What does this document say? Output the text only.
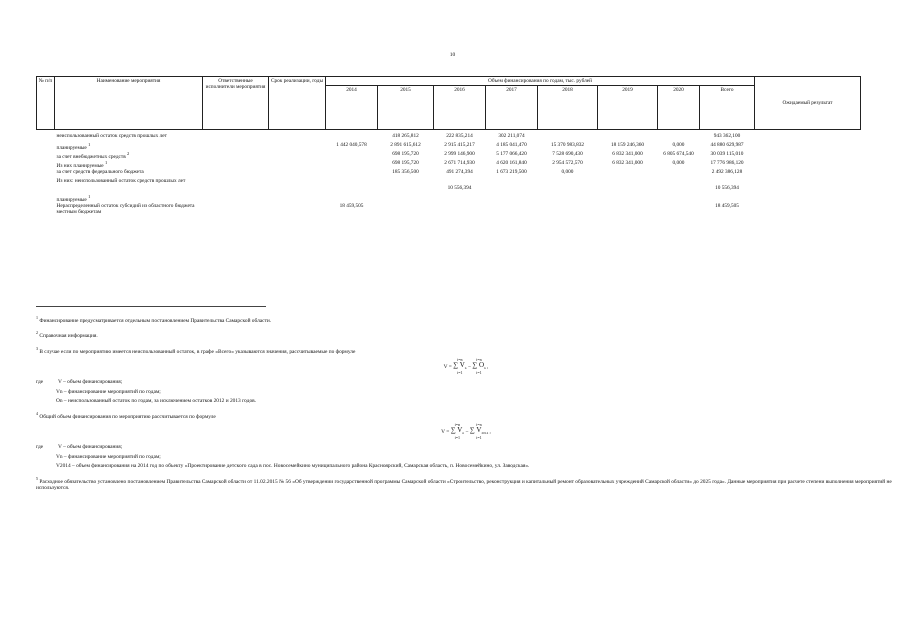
10
№ п/п	Наименование мероприятия	Ответственные исполнители мероприятия	Срок реализации, годы	Объем финансирования по годам, тыс. рублей								Ожидаемый результат
				2014	2015	2016	2017	2018	2019	2020	Всего	
	неиспользованный остаток средств прошлых лет				418 265,812	222 835,214	302 211,074				943 362,100	
	планируемые $^1$			1 442 040,578	2 891 615,612	2 915 415,217	4 185 041,470	15 370 983,832	18 159 246,360	0,000	44 880 629,987	
	за счет внебюджетных средств $^2$				698 195,720	2 999 146,900	5 177 066,420	7 528 690,430	6 832 341,000	6 805 674,540	30 039 115,010	
	Из них планируемые $^1$				698 195,720	2 671 714,930	4 620 161,840	2 954 572,570	6 832 341,000	0,000	17 776 986,120	
	за счет средств федерального бюджета				185 356,500	491 274,394	1 673 219,500	0,000			2 492 386,128	
	Из них: неиспользованный остаток средств прошлых лет					10 556,394					10 556,394	
	планируемые $^1$											
	Нераспределенный остаток субсидий из областного бюджета местным бюджетам			18 459,505							18 459,505	

$^1$ Финансирование предусматривается отдельным постановлением Правительства Самарской области.

$^2$ Справочная информация.

$^3$ В случае если по мероприятию имеется неиспользованный остаток, в графе «Всего» указываются значения, рассчитываемые по формуле

V = i=n
∑ $V_n$
i=1 − i=n
∑ $O_n$
i=1 ,

где	V – объем финансирования;

Vn – финансирование мероприятий по годам;

On – неиспользованный остаток по годам, за исключением остатков 2012 и 2013 годов.

$^4$ Общий объем финансирования по мероприятию рассчитывается по формуле

V = i=n
∑ $V_n$
i=1 − i=n
∑ $V_{2014}$
i=1 ,

где	V – объем финансирования;

Vn – финансирование мероприятий по годам;

V2014 – объем финансирования на 2014 год по объекту «Проектирование детского сада в пос. Новосемейкино муниципального района Красноярский, Самарская область, п. Новосемейкино, ул. Заводская».

$^5$ Расходное обязательство установлено постановлением Правительства Самарской области от 11.02.2015 № 56 «Об утверждении государственной программы Самарской области «Строительство, реконструкция и капитальный ремонт образовательных учреждений Самарской области» до 2025 года». Данные мероприятия при расчете степени выполнения мероприятий не используются.
